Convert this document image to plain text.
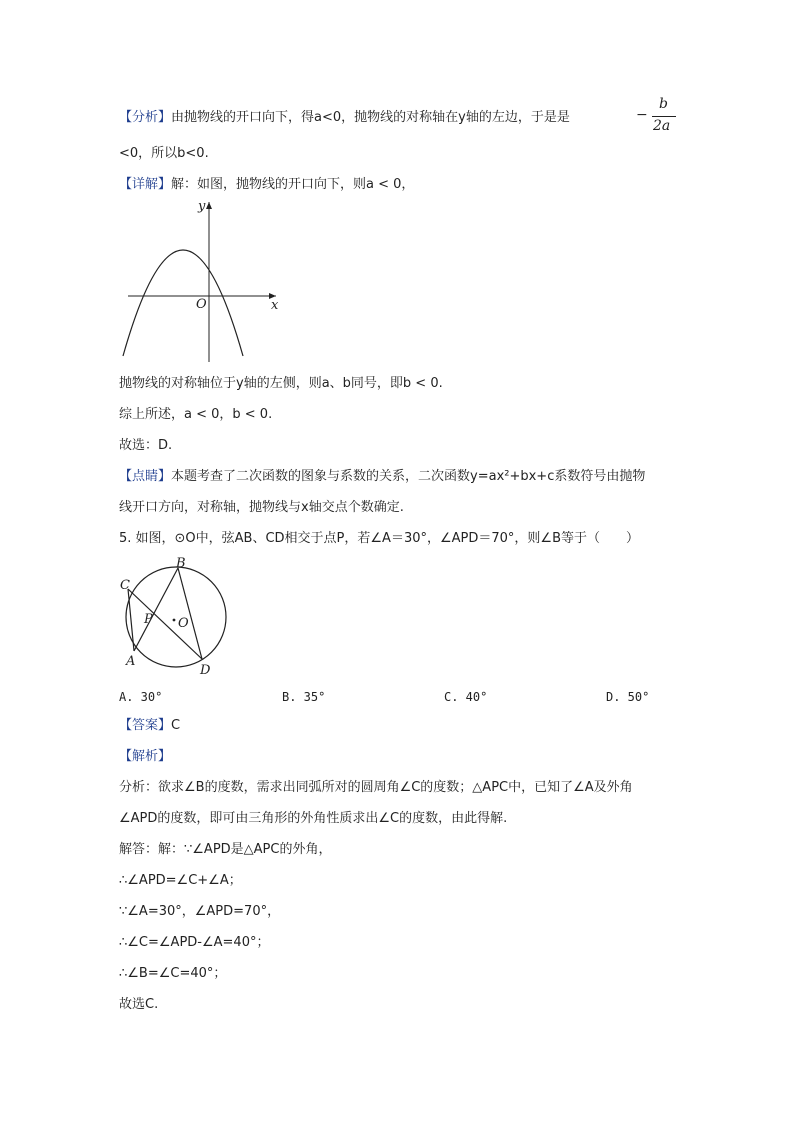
【分析】由抛物线的开口向下，得a<0，抛物线的对称轴在y轴的左边，于是是	−
b
2a
<0，所以b<0.
【详解】解：如图，抛物线的开口向下，则a < 0，
y
x
O
抛物线的对称轴位于y轴的左侧，则a、b同号，即b < 0.
综上所述，a < 0，b < 0.
故选：D.
【点睛】本题考查了二次函数的图象与系数的关系，二次函数y=ax²+bx+c系数符号由抛物
线开口方向，对称轴，抛物线与x轴交点个数确定.
5. 如图，⊙O中，弦AB、CD相交于点P，若∠A＝30°，∠APD＝70°，则∠B等于（　　）
B
C
P O
A
D
A. 30°	B. 35°	C. 40°	D. 50°
【答案】C
【解析】
分析：欲求∠B的度数，需求出同弧所对的圆周角∠C的度数；△APC中，已知了∠A及外角
∠APD的度数，即可由三角形的外角性质求出∠C的度数，由此得解.
解答：解：∵∠APD是△APC的外角，
∴∠APD=∠C+∠A；
∵∠A=30°，∠APD=70°，
∴∠C=∠APD-∠A=40°；
∴∠B=∠C=40°；
故选C.
